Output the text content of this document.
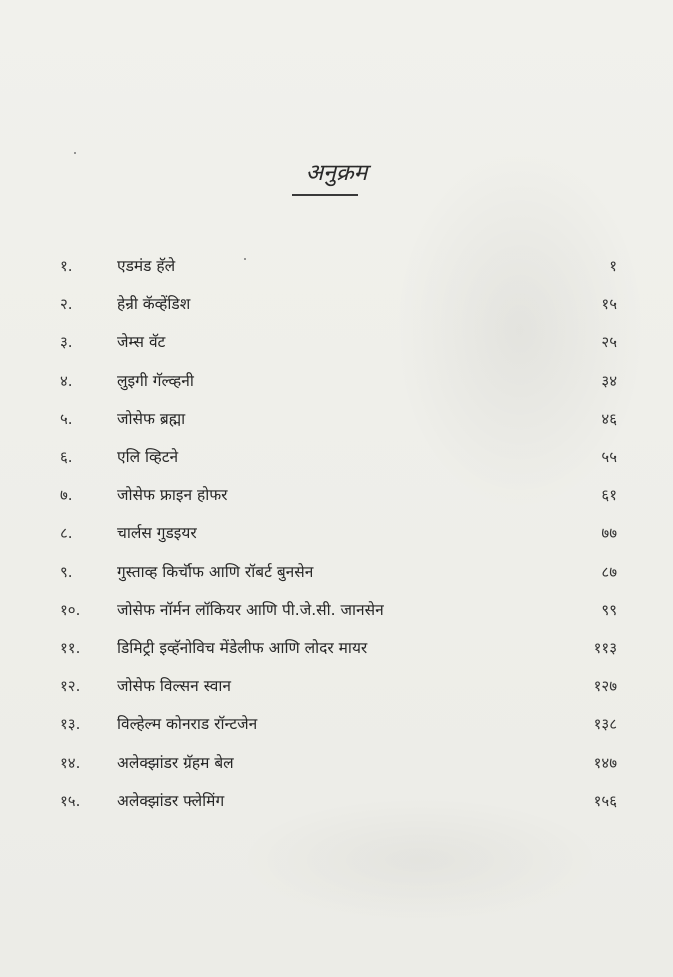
अनुक्रम
१.	एडमंड हॅले	१
२.	हेन्री कॅव्हेंडिश	१५
३.	जेम्स वॅट	२५
४.	लुइगी गॅल्व्हनी	३४
५.	जोसेफ ब्रह्मा	४६
६.	एलि व्हिटने	५५
७.	जोसेफ फ्राइन होफर	६१
८.	चार्लस गुडइयर	७७
९.	गुस्ताव्ह किर्चॉफ आणि रॉबर्ट बुनसेन	८७
१०. जोसेफ नॉर्मन लॉकियर आणि पी.जे.सी. जानसेन	९९
११. डिमिट्री इव्हॅनोविच मेंडेलीफ आणि लोदर मायर	११३
१२. जोसेफ विल्सन स्वान	१२७
१३. विल्हेल्म कोनराड रॉन्टजेन	१३८
१४. अलेक्झांडर ग्रॅहम बेल	१४७
१५. अलेक्झांडर फ्लेमिंग	१५६
